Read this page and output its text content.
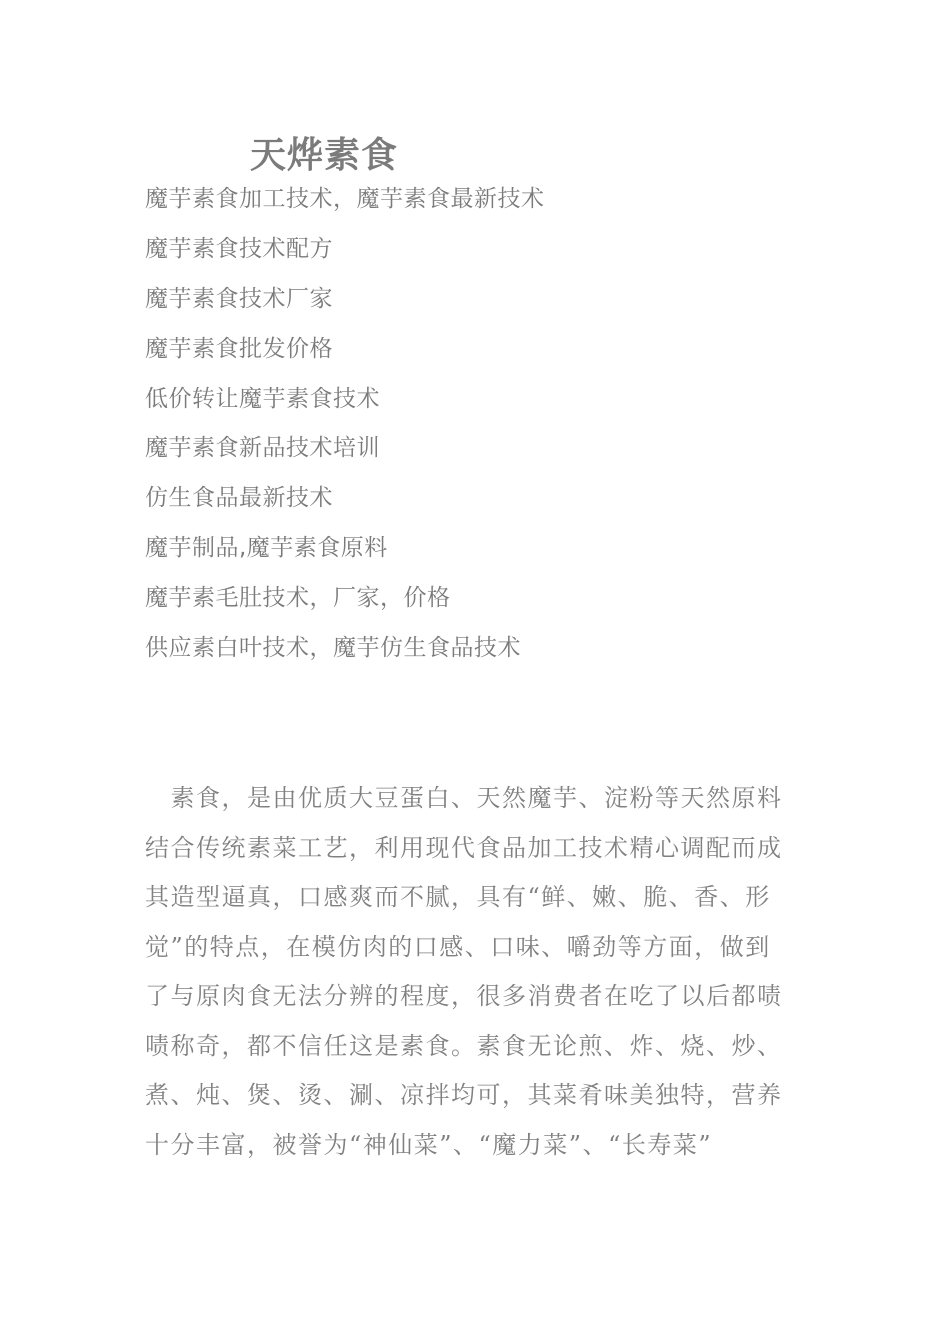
天烨素食
魔芋素食加工技术，魔芋素食最新技术
魔芋素食技术配方
魔芋素食技术厂家
魔芋素食批发价格
低价转让魔芋素食技术
魔芋素食新品技术培训
仿生食品最新技术
魔芋制品,魔芋素食原料
魔芋素毛肚技术，厂家，价格
供应素白叶技术，魔芋仿生食品技术
　素食，是由优质大豆蛋白、天然魔芋、淀粉等天然原料
结合传统素菜工艺，利用现代食品加工技术精心调配而成
其造型逼真，口感爽而不腻，具有“鲜、嫩、脆、香、形
觉”的特点，在模仿肉的口感、口味、嚼劲等方面，做到
了与原肉食无法分辨的程度，很多消费者在吃了以后都啧
啧称奇，都不信任这是素食。素食无论煎、炸、烧、炒、
煮、炖、煲、烫、涮、凉拌均可，其菜肴味美独特，营养
十分丰富，被誉为“神仙菜”、“魔力菜”、“长寿菜”
